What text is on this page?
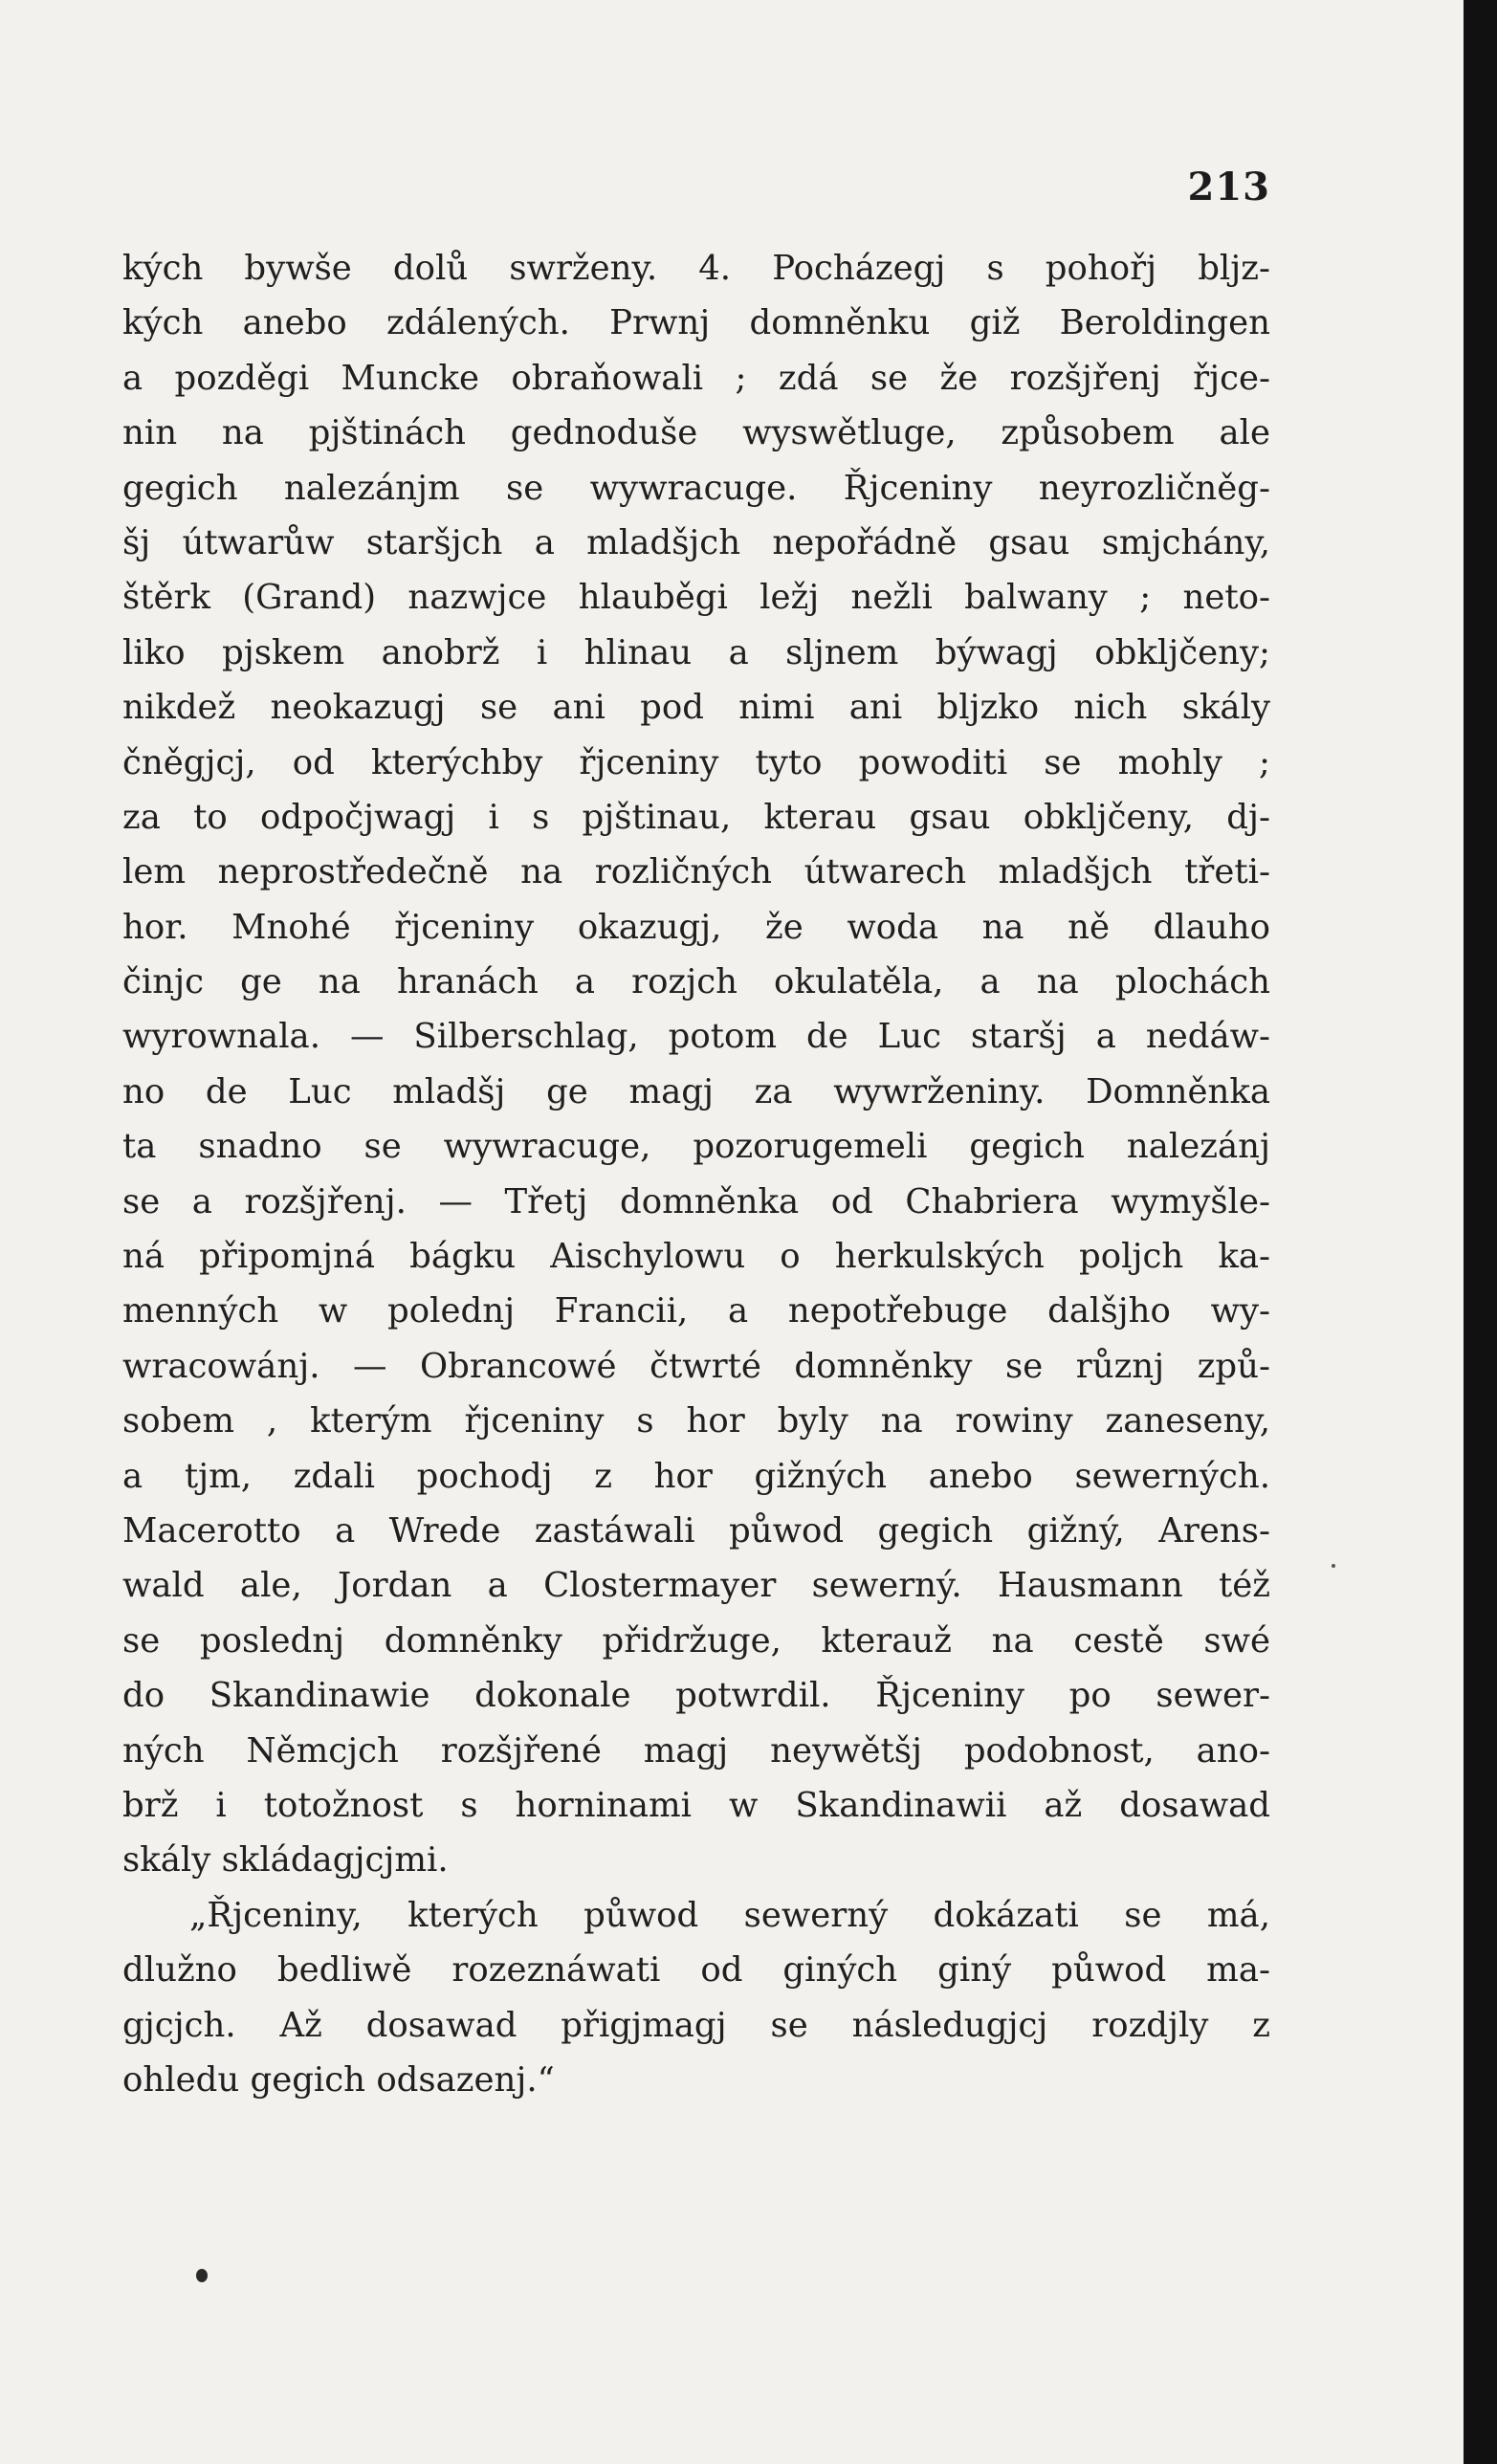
213
kých bywše dolů swrženy. 4. Pocházegj s pohořj bljz-
kých anebo zdálených. Prwnj domněnku giž Beroldingen
a pozděgi Muncke obraňowali ; zdá se že rozšjřenj řjce-
nin na pjštinách gednoduše wyswětluge, způsobem ale
gegich nalezánjm se wywracuge. Řjceniny neyrozličněg-
šj útwarůw staršjch a mladšjch nepořádně gsau smjchány,
štěrk (Grand) nazwjce hlauběgi ležj nežli balwany ; neto-
liko pjskem anobrž i hlinau a sljnem býwagj obkljčeny;
nikdež neokazugj se ani pod nimi ani bljzko nich skály
čněgjcj, od kterýchby řjceniny tyto powoditi se mohly ;
za to odpočjwagj i s pjštinau, kterau gsau obkljčeny, dj-
lem neprostředečně na rozličných útwarech mladšjch třeti-
hor. Mnohé řjceniny okazugj, že woda na ně dlauho
činjc ge na hranách a rozjch okulatěla, a na plochách
wyrownala. — Silberschlag, potom de Luc staršj a nedáw-
no de Luc mladšj ge magj za wywrženiny. Domněnka
ta snadno se wywracuge, pozorugemeli gegich nalezánj
se a rozšjřenj. — Třetj domněnka od Chabriera wymyšle-
ná připomjná bágku Aischylowu o herkulských poljch ka-
menných w polednj Francii, a nepotřebuge dalšjho wy-
wracowánj. — Obrancowé čtwrté domněnky se různj způ-
sobem , kterým řjceniny s hor byly na rowiny zaneseny,
a tjm, zdali pochodj z hor gižných anebo sewerných.
Macerotto a Wrede zastáwali půwod gegich gižný, Arens-
wald ale, Jordan a Clostermayer sewerný. Hausmann též
se poslednj domněnky přidržuge, kterauž na cestě swé
do Skandinawie dokonale potwrdil. Řjceniny po sewer-
ných Němcjch rozšjřené magj neywětšj podobnost, ano-
brž i totožnost s horninami w Skandinawii až dosawad
skály skládagjcjmi.
„Řjceniny, kterých půwod sewerný dokázati se má,
dlužno bedliwě rozeznáwati od giných giný půwod ma-
gjcjch. Až dosawad přigjmagj se následugjcj rozdjly z
ohledu gegich odsazenj.“
